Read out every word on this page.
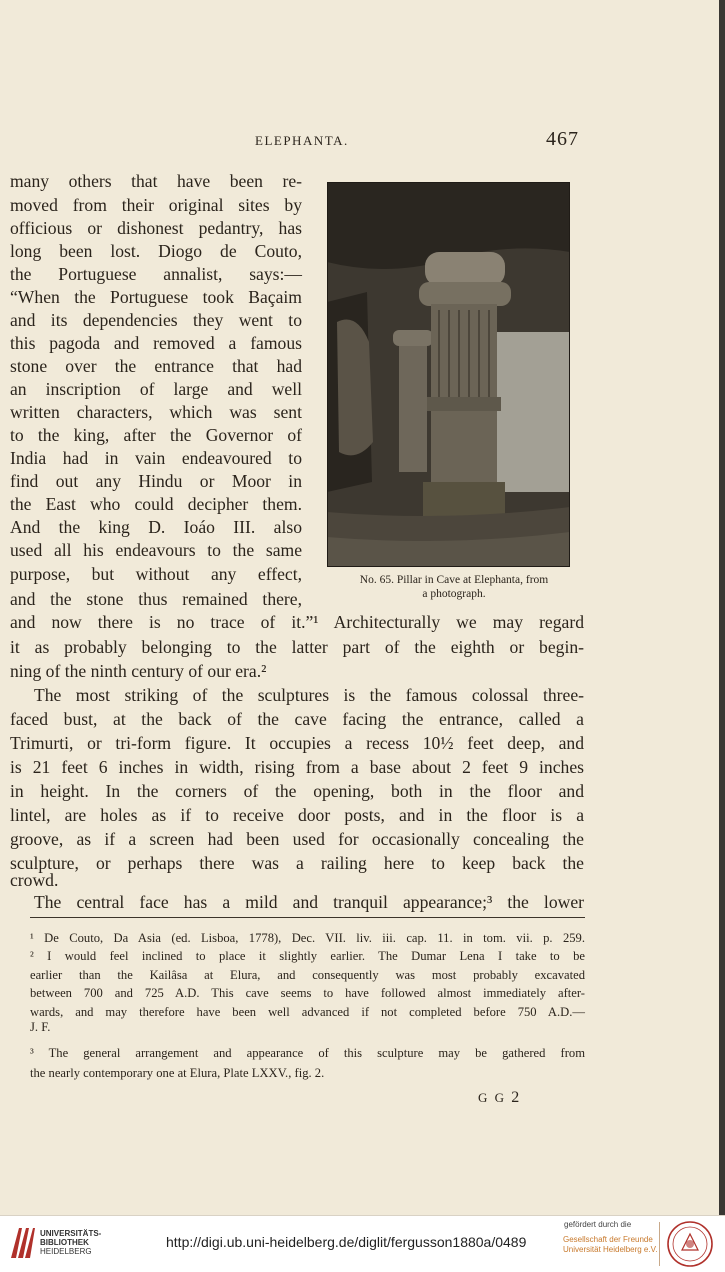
ELEPHANTA.	467
many others that have been re-
moved from their original sites by
officious or dishonest pedantry, has
long been lost. Diogo de Couto,
the Portuguese annalist, says:—
“When the Portuguese took Baçaim
and its dependencies they went to
this pagoda and removed a famous
stone over the entrance that had
an inscription of large and well
written characters, which was sent
to the king, after the Governor of
India had in vain endeavoured to
find out any Hindu or Moor in
the East who could decipher them.
And the king D. Ioáo III. also
used all his endeavours to the same
purpose, but without any effect,
and the stone thus remained there,
No. 65. Pillar in Cave at Elephanta, from
a photograph.
and now there is no trace of it.”¹ Architecturally we may regard
it as probably belonging to the latter part of the eighth or begin-
ning of the ninth century of our era.²
The most striking of the sculptures is the famous colossal three-
faced bust, at the back of the cave facing the entrance, called a
Trimurti, or tri-form figure. It occupies a recess 10½ feet deep, and
is 21 feet 6 inches in width, rising from a base about 2 feet 9 inches
in height. In the corners of the opening, both in the floor and
lintel, are holes as if to receive door posts, and in the floor is a
groove, as if a screen had been used for occasionally concealing the
sculpture, or perhaps there was a railing here to keep back the
crowd.
The central face has a mild and tranquil appearance;³ the lower
¹ De Couto, Da Asia (ed. Lisboa, 1778), Dec. VII. liv. iii. cap. 11. in tom. vii. p. 259.
² I would feel inclined to place it slightly earlier. The Dumar Lena I take to be
earlier than the Kailâsa at Elura, and consequently was most probably excavated
between 700 and 725 A.D. This cave seems to have followed almost immediately after-
wards, and may therefore have been well advanced if not completed before 750 A.D.—
J. F.
³ The general arrangement and appearance of this sculpture may be gathered from
the nearly contemporary one at Elura, Plate LXXV., fig. 2.
G G 2
UNIVERSITÄTS-
BIBLIOTHEK
HEIDELBERG
http://digi.ub.uni-heidelberg.de/diglit/fergusson1880a/0489
gefördert durch die
Gesellschaft der Freunde
Universität Heidelberg e.V.
